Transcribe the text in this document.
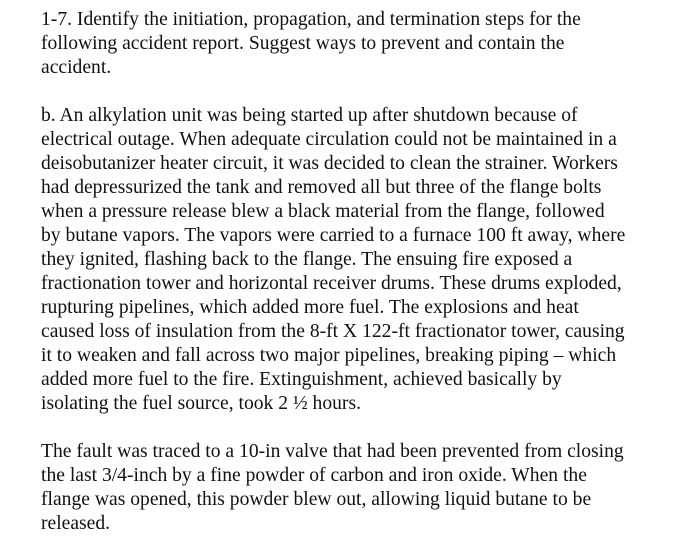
1-7. Identify the initiation, propagation, and termination steps for the
following accident report. Suggest ways to prevent and contain the
accident.
b. An alkylation unit was being started up after shutdown because of
electrical outage. When adequate circulation could not be maintained in a
deisobutanizer heater circuit, it was decided to clean the strainer. Workers
had depressurized the tank and removed all but three of the flange bolts
when a pressure release blew a black material from the flange, followed
by butane vapors. The vapors were carried to a furnace 100 ft away, where
they ignited, flashing back to the flange. The ensuing fire exposed a
fractionation tower and horizontal receiver drums. These drums exploded,
rupturing pipelines, which added more fuel. The explosions and heat
caused loss of insulation from the 8-ft X 122-ft fractionator tower, causing
it to weaken and fall across two major pipelines, breaking piping – which
added more fuel to the fire. Extinguishment, achieved basically by
isolating the fuel source, took 2 ½ hours.
The fault was traced to a 10-in valve that had been prevented from closing
the last 3/4-inch by a fine powder of carbon and iron oxide. When the
flange was opened, this powder blew out, allowing liquid butane to be
released.
